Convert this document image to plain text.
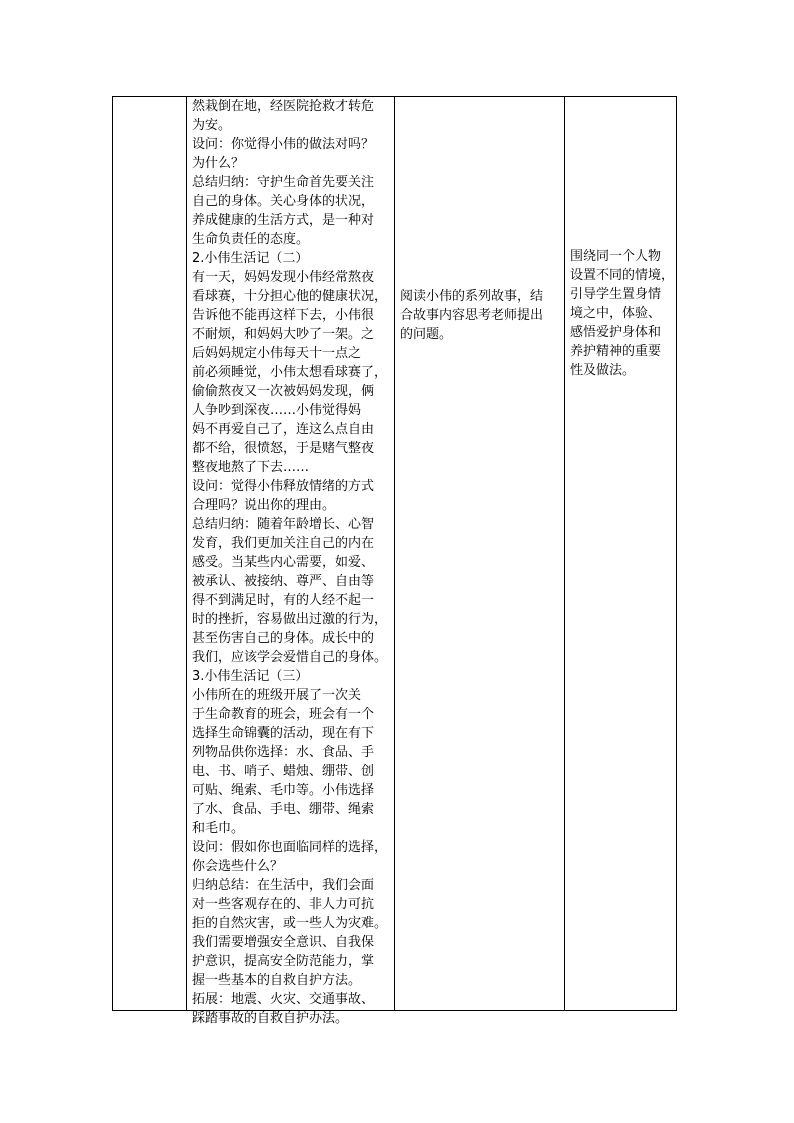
然栽倒在地，经医院抢救才转危

为安。

设问：你觉得小伟的做法对吗？

为什么？

总结归纳：守护生命首先要关注

自己的身体。关心身体的状况，

养成健康的生活方式，是一种对

生命负责任的态度。

2.小伟生活记（二）

有一天，妈妈发现小伟经常熬夜

看球赛，十分担心他的健康状况，

告诉他不能再这样下去，小伟很

不耐烦，和妈妈大吵了一架。之

后妈妈规定小伟每天十一点之

前必须睡觉，小伟太想看球赛了，

偷偷熬夜又一次被妈妈发现，俩

人争吵到深夜……小伟觉得妈

妈不再爱自己了，连这么点自由

都不给，很愤怒，于是赌气整夜

整夜地熬了下去……

设问：觉得小伟释放情绪的方式

合理吗？说出你的理由。

总结归纳：随着年龄增长、心智

发育，我们更加关注自己的内在

感受。当某些内心需要，如爱、

被承认、被接纳、尊严、自由等

得不到满足时，有的人经不起一

时的挫折，容易做出过激的行为，

甚至伤害自己的身体。成长中的

我们，应该学会爱惜自己的身体。

3.小伟生活记（三）

小伟所在的班级开展了一次关

于生命教育的班会，班会有一个

选择生命锦囊的活动，现在有下

列物品供你选择：水、食品、手

电、书、哨子、蜡烛、绷带、创

可贴、绳索、毛巾等。小伟选择

了水、食品、手电、绷带、绳索

和毛巾。

设问：假如你也面临同样的选择，

你会选些什么？

归纳总结：在生活中，我们会面

对一些客观存在的、非人力可抗

拒的自然灾害，或一些人为灾难。

我们需要增强安全意识、自我保

护意识，提高安全防范能力，掌

握一些基本的自救自护方法。

拓展：地震、火灾、交通事故、

踩踏事故的自救自护办法。

阅读小伟的系列故事，结

合故事内容思考老师提出

的问题。

围绕同一个人物

设置不同的情境，

引导学生置身情

境之中，体验、

感悟爱护身体和

养护精神的重要

性及做法。
